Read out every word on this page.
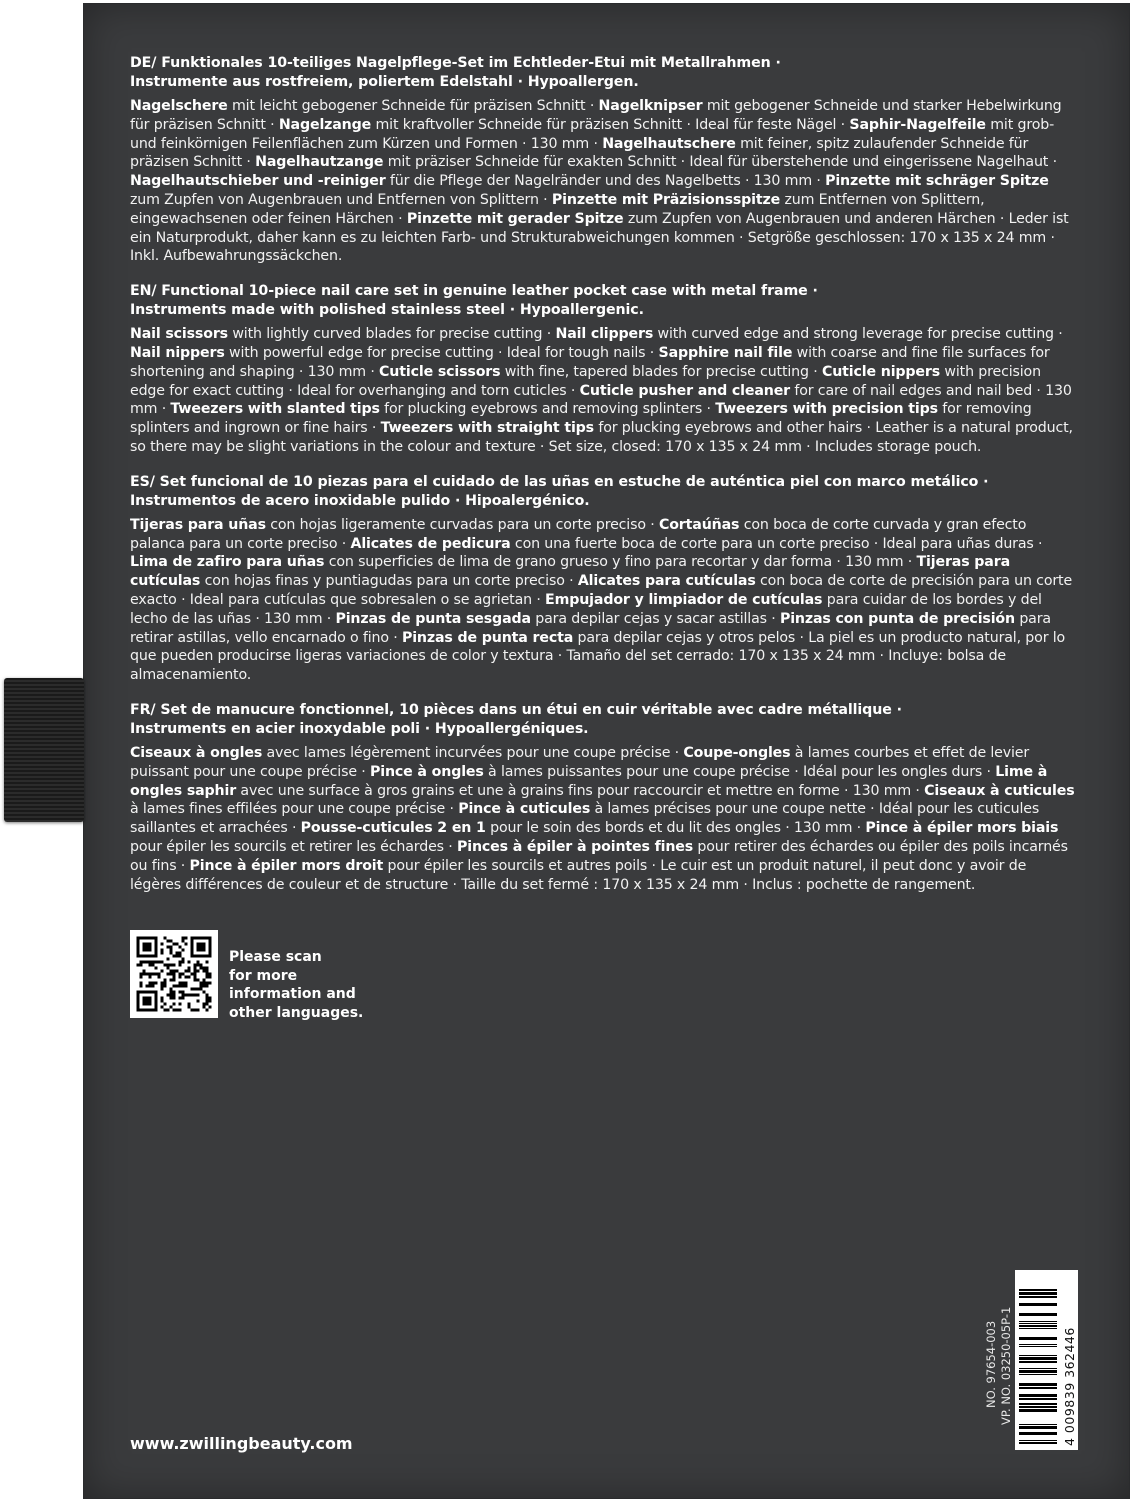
DE/ Funktionales 10-teiliges Nagelpflege-Set im Echtleder-Etui mit Metallrahmen ·
Instrumente aus rostfreiem, poliertem Edelstahl · Hypoallergen.

Nagelschere mit leicht gebogener Schneide für präzisen Schnitt · Nagelknipser mit gebogener Schneide und starker Hebelwirkung für präzisen Schnitt · Nagelzange mit kraftvoller Schneide für präzisen Schnitt · Ideal für feste Nägel · Saphir-Nagelfeile mit grob- und feinkörnigen Feilenflächen zum Kürzen und Formen · 130 mm · Nagelhautschere mit feiner, spitz zulaufender Schneide für präzisen Schnitt · Nagelhautzange mit präziser Schneide für exakten Schnitt · Ideal für überstehende und eingerissene Nagelhaut · Nagelhautschieber und -reiniger für die Pflege der Nagelränder und des Nagelbetts · 130 mm · Pinzette mit schräger Spitze zum Zupfen von Augenbrauen und Entfernen von Splittern · Pinzette mit Präzisionsspitze zum Entfernen von Splittern, eingewachsenen oder feinen Härchen · Pinzette mit gerader Spitze zum Zupfen von Augenbrauen und anderen Härchen · Leder ist ein Naturprodukt, daher kann es zu leichten Farb- und Strukturabweichungen kommen · Setgröße geschlossen: 170 x 135 x 24 mm · Inkl. Aufbewahrungssäckchen.

EN/ Functional 10-piece nail care set in genuine leather pocket case with metal frame ·
Instruments made with polished stainless steel · Hypoallergenic.

Nail scissors with lightly curved blades for precise cutting · Nail clippers with curved edge and strong leverage for precise cutting · Nail nippers with powerful edge for precise cutting · Ideal for tough nails · Sapphire nail file with coarse and fine file surfaces for shortening and shaping · 130 mm · Cuticle scissors with fine, tapered blades for precise cutting · Cuticle nippers with precision edge for exact cutting · Ideal for overhanging and torn cuticles · Cuticle pusher and cleaner for care of nail edges and nail bed · 130 mm · Tweezers with slanted tips for plucking eyebrows and removing splinters · Tweezers with precision tips for removing splinters and ingrown or fine hairs · Tweezers with straight tips for plucking eyebrows and other hairs · Leather is a natural product, so there may be slight variations in the colour and texture · Set size, closed: 170 x 135 x 24 mm · Includes storage pouch.

ES/ Set funcional de 10 piezas para el cuidado de las uñas en estuche de auténtica piel con marco metálico ·
Instrumentos de acero inoxidable pulido · Hipoalergénico.

Tijeras para uñas con hojas ligeramente curvadas para un corte preciso · Cortaúñas con boca de corte curvada y gran efecto palanca para un corte preciso · Alicates de pedicura con una fuerte boca de corte para un corte preciso · Ideal para uñas duras · Lima de zafiro para uñas con superficies de lima de grano grueso y fino para recortar y dar forma · 130 mm · Tijeras para cutículas con hojas finas y puntiagudas para un corte preciso · Alicates para cutículas con boca de corte de precisión para un corte exacto · Ideal para cutículas que sobresalen o se agrietan · Empujador y limpiador de cutículas para cuidar de los bordes y del lecho de las uñas · 130 mm · Pinzas de punta sesgada para depilar cejas y sacar astillas · Pinzas con punta de precisión para retirar astillas, vello encarnado o fino · Pinzas de punta recta para depilar cejas y otros pelos · La piel es un producto natural, por lo que pueden producirse ligeras variaciones de color y textura · Tamaño del set cerrado: 170 x 135 x 24 mm · Incluye: bolsa de almacenamiento.

FR/ Set de manucure fonctionnel, 10 pièces dans un étui en cuir véritable avec cadre métallique ·
Instruments en acier inoxydable poli · Hypoallergéniques.

Ciseaux à ongles avec lames légèrement incurvées pour une coupe précise · Coupe-ongles à lames courbes et effet de levier puissant pour une coupe précise · Pince à ongles à lames puissantes pour une coupe précise · Idéal pour les ongles durs · Lime à ongles saphir avec une surface à gros grains et une à grains fins pour raccourcir et mettre en forme · 130 mm · Ciseaux à cuticules à lames fines effilées pour une coupe précise · Pince à cuticules à lames précises pour une coupe nette · Idéal pour les cuticules saillantes et arrachées · Pousse-cuticules 2 en 1 pour le soin des bords et du lit des ongles · 130 mm · Pince à épiler mors biais pour épiler les sourcils et retirer les échardes · Pinces à épiler à pointes fines pour retirer des échardes ou épiler des poils incarnés ou fins · Pince à épiler mors droit pour épiler les sourcils et autres poils · Le cuir est un produit naturel, il peut donc y avoir de légères différences de couleur et de structure · Taille du set fermé : 170 x 135 x 24 mm · Inclus : pochette de rangement.

Please scan
for more
information and
other languages.
www.zwillingbeauty.com
NO. 97654-003 VP. NO. 03250-05P-1	4 009839 362446
